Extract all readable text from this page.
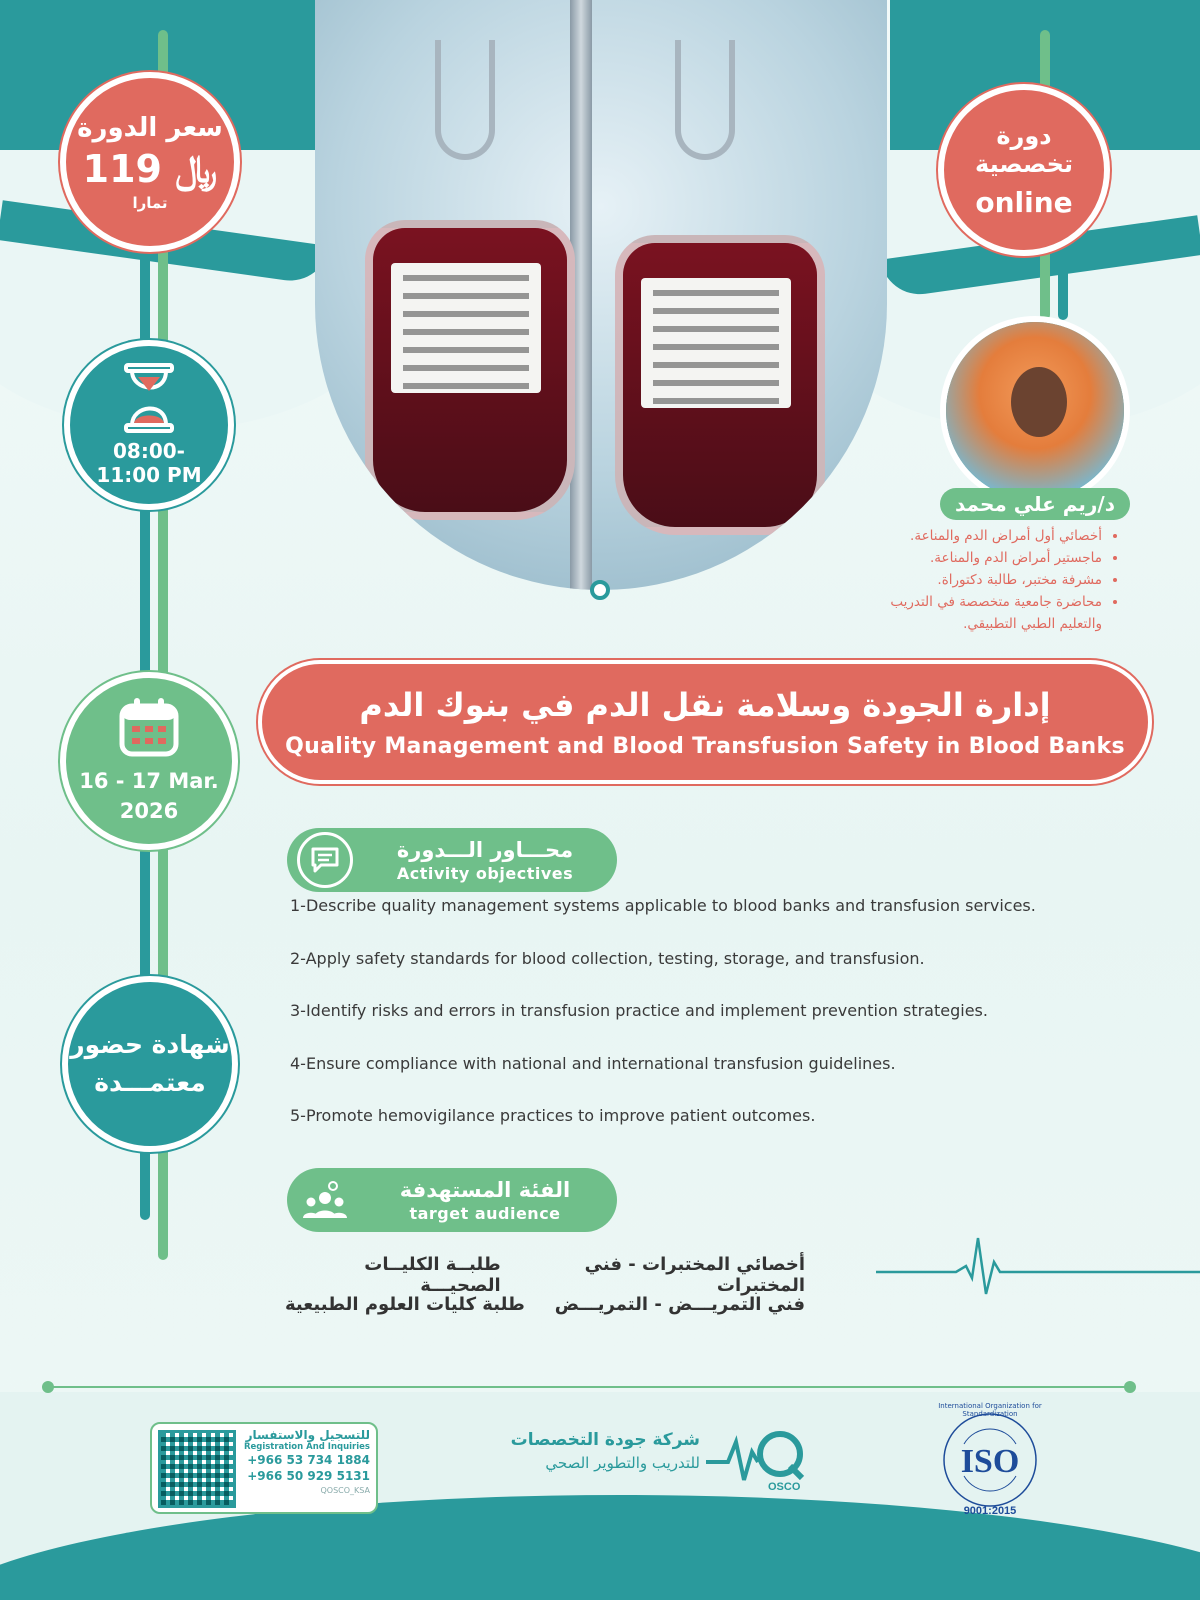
سعر الدورة
119 ﷼
تمارا
دورة تخصصية
online
08:00- 11:00 PM
16 - 17 Mar.
2026
شهادة حضور
معتمـــدة
د/ريم علي محمد
• أخصائي أول أمراض الدم والمناعة.
• ماجستير أمراض الدم والمناعة.
• مشرفة مختبر، طالبة دكتوراة.
• محاضرة جامعية متخصصة في التدريب والتعليم الطبي التطبيقي.
إدارة الجودة وسلامة نقل الدم في بنوك الدم
Quality Management and Blood Transfusion Safety in Blood Banks
محـــاور الـــدورة
Activity objectives
1-Describe quality management systems applicable to blood banks and transfusion services.
2-Apply safety standards for blood collection, testing, storage, and transfusion.
3-Identify risks and errors in transfusion practice and implement prevention strategies.
4-Ensure compliance with national and international transfusion guidelines.
5-Promote hemovigilance practices to improve patient outcomes.
الفئة المستهدفة
target audience
أخصائي المختبرات - فني المختبرات
طلبــة الكليــات الصحيـــة
فني التمريـــض - التمريـــض
طلبة كليات العلوم الطبيعية
للتسجيل والاستفسار
Registration And Inquiries
+966 53 734 1884
+966 50 929 5131
QOSCO_KSA
شركة جودة التخصصات
للتدريب والتطوير الصحي
OSCO
ISO
9001:2015
International Organization for Standardization
